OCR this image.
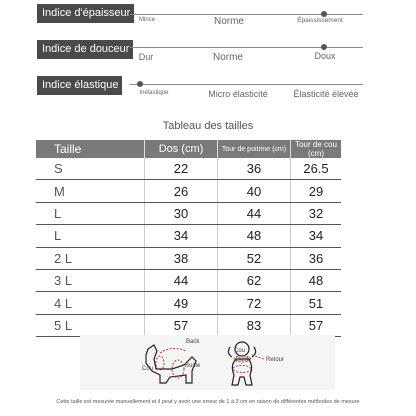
Indice d'épaisseur
Mince	Norme	Épaississement
Indice de douceur
Dur	Norme	Doux
Indice élastique
Inélastique	Micro élasticité	Élasticité élevée
Tableau des tailles
Taille	Dos (cm)	Tour de poitrine (cm)	Tour de cou (cm)
S	22	36	26.5
M	26	40	29
L	30	44	32
L	34	48	34
2 L	38	52	36
3 L	44	62	48
4 L	49	72	51
5 L	57	83	57
Back
Cou	Buste
Cou
Buste Retour
Cette taille est mesurée manuellement et il peut y avoir une erreur de 1 à 3 cm en raison de différentes méthodes de mesure
